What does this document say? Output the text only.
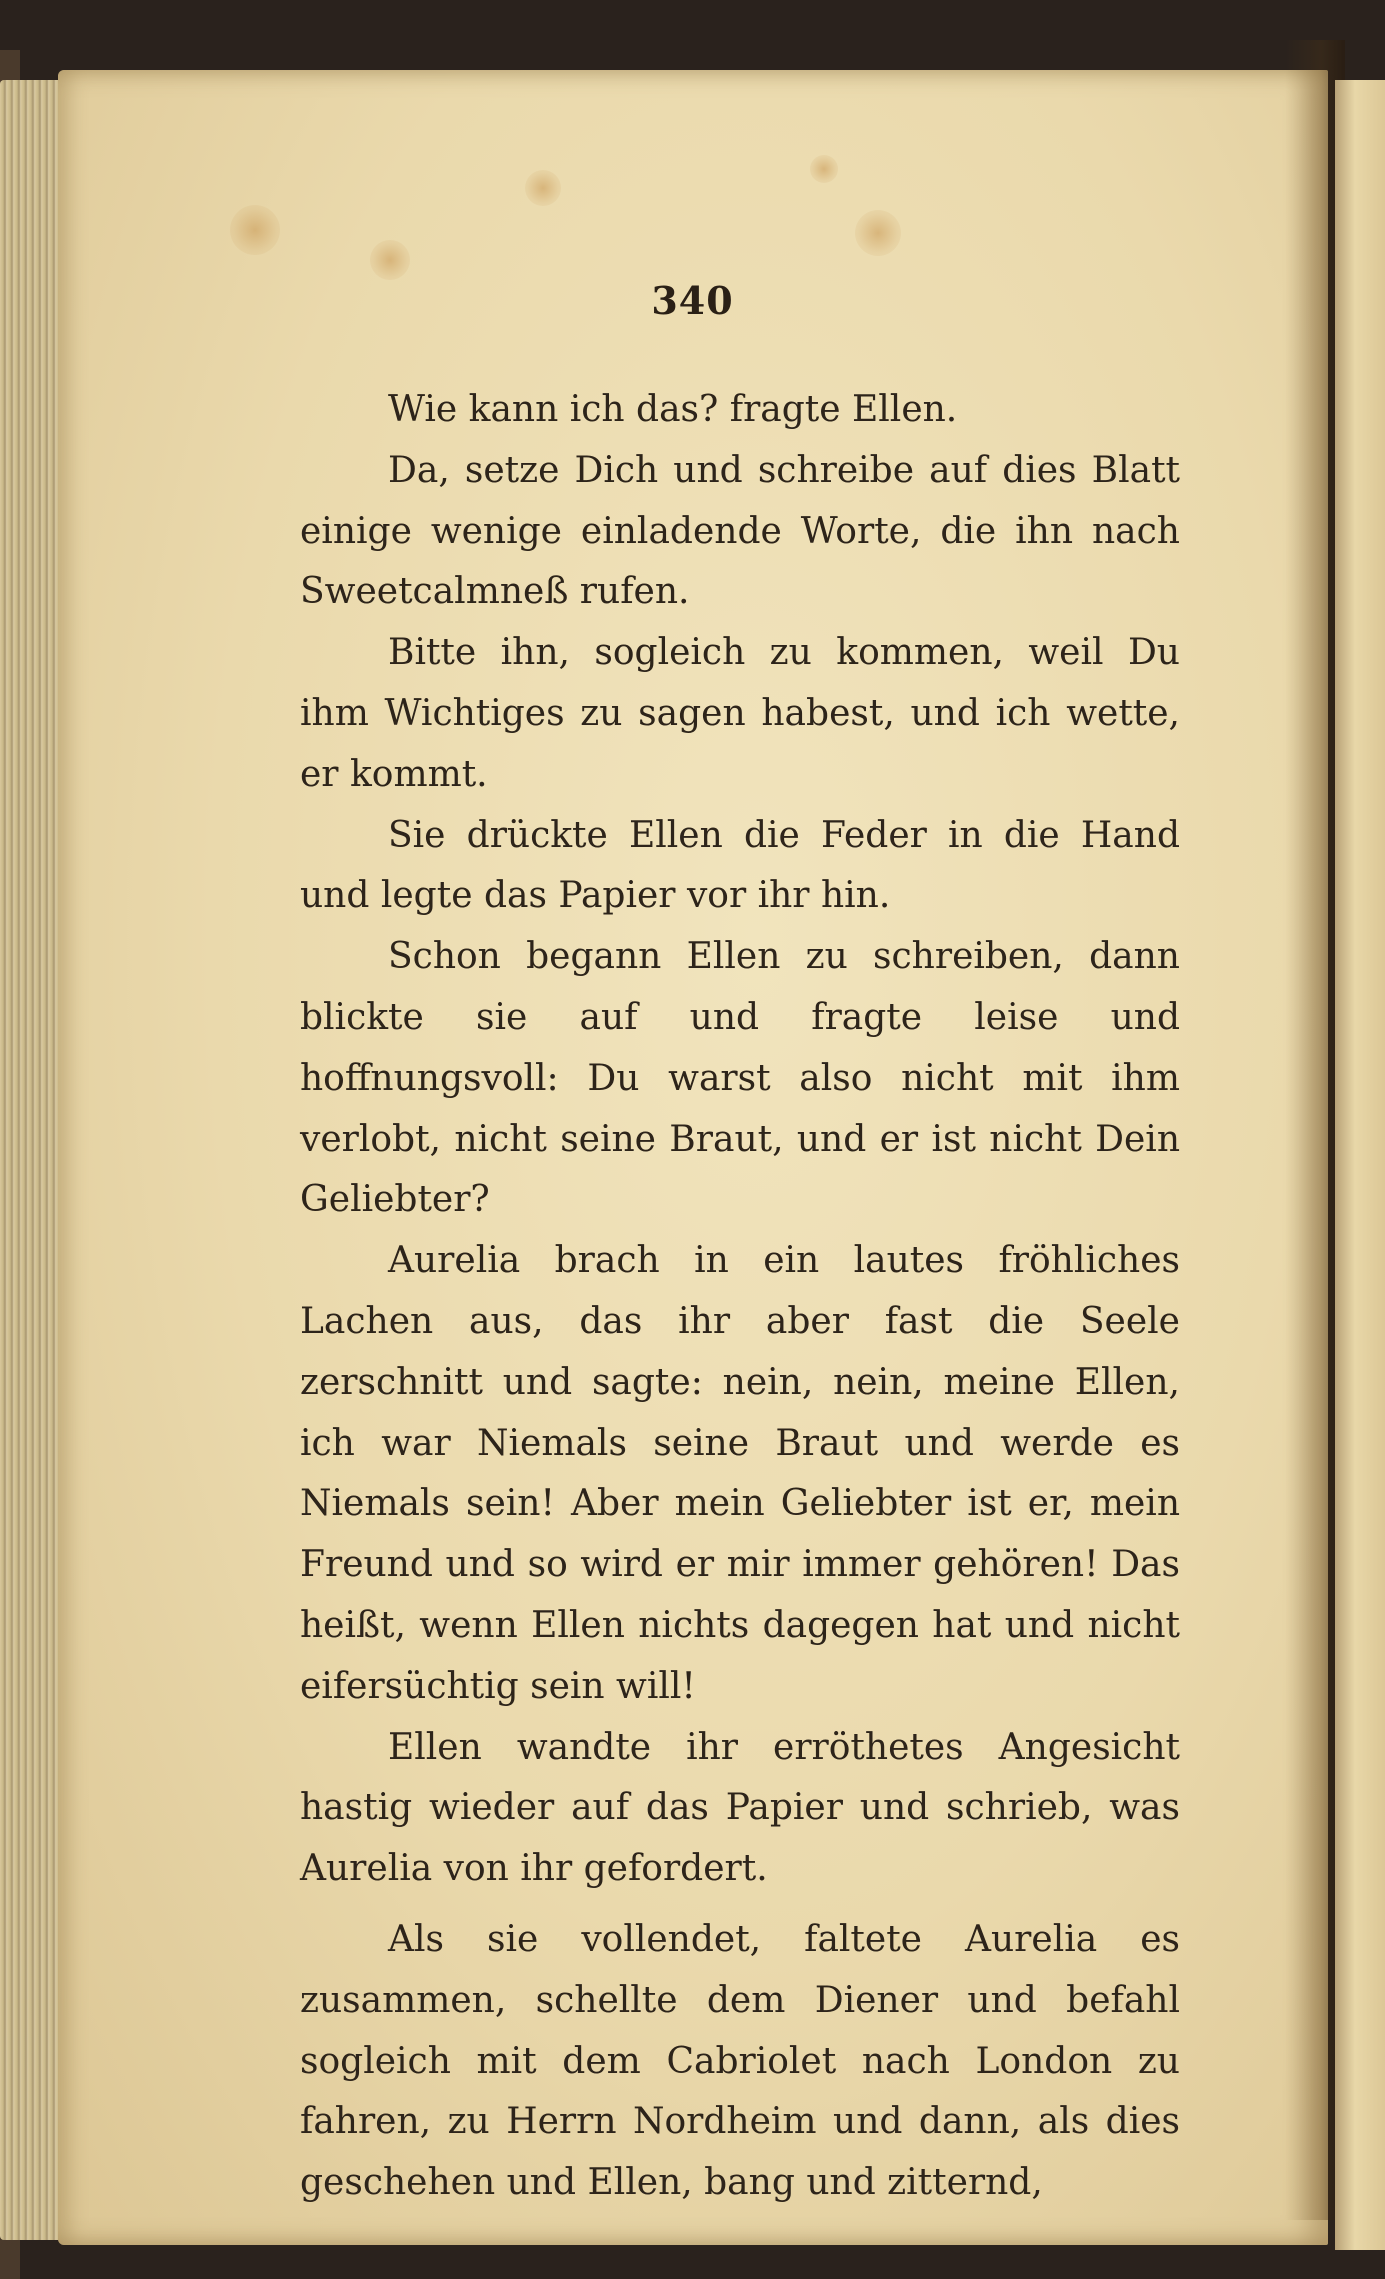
340

Wie kann ich das? fragte Ellen.

Da, setze Dich und schreibe auf dies Blatt einige wenige einladende Worte, die ihn nach Sweetcalmneß rufen.

Bitte ihn, sogleich zu kommen, weil Du ihm Wichtiges zu sagen habest, und ich wette, er kommt.

Sie drückte Ellen die Feder in die Hand und legte das Papier vor ihr hin.

Schon begann Ellen zu schreiben, dann blickte sie auf und fragte leise und hoffnungsvoll: Du warst also nicht mit ihm verlobt, nicht seine Braut, und er ist nicht Dein Geliebter?

Aurelia brach in ein lautes fröhliches Lachen aus, das ihr aber fast die Seele zerschnitt und sagte: nein, nein, meine Ellen, ich war Niemals seine Braut und werde es Niemals sein! Aber mein Geliebter ist er, mein Freund und so wird er mir immer gehören! Das heißt, wenn Ellen nichts dagegen hat und nicht eifersüchtig sein will!

Ellen wandte ihr erröthetes Angesicht hastig wieder auf das Papier und schrieb, was Aurelia von ihr gefordert.

Als sie vollendet, faltete Aurelia es zusammen, schellte dem Diener und befahl sogleich mit dem Cabriolet nach London zu fahren, zu Herrn Nordheim und dann, als dies geschehen und Ellen, bang und zitternd,
